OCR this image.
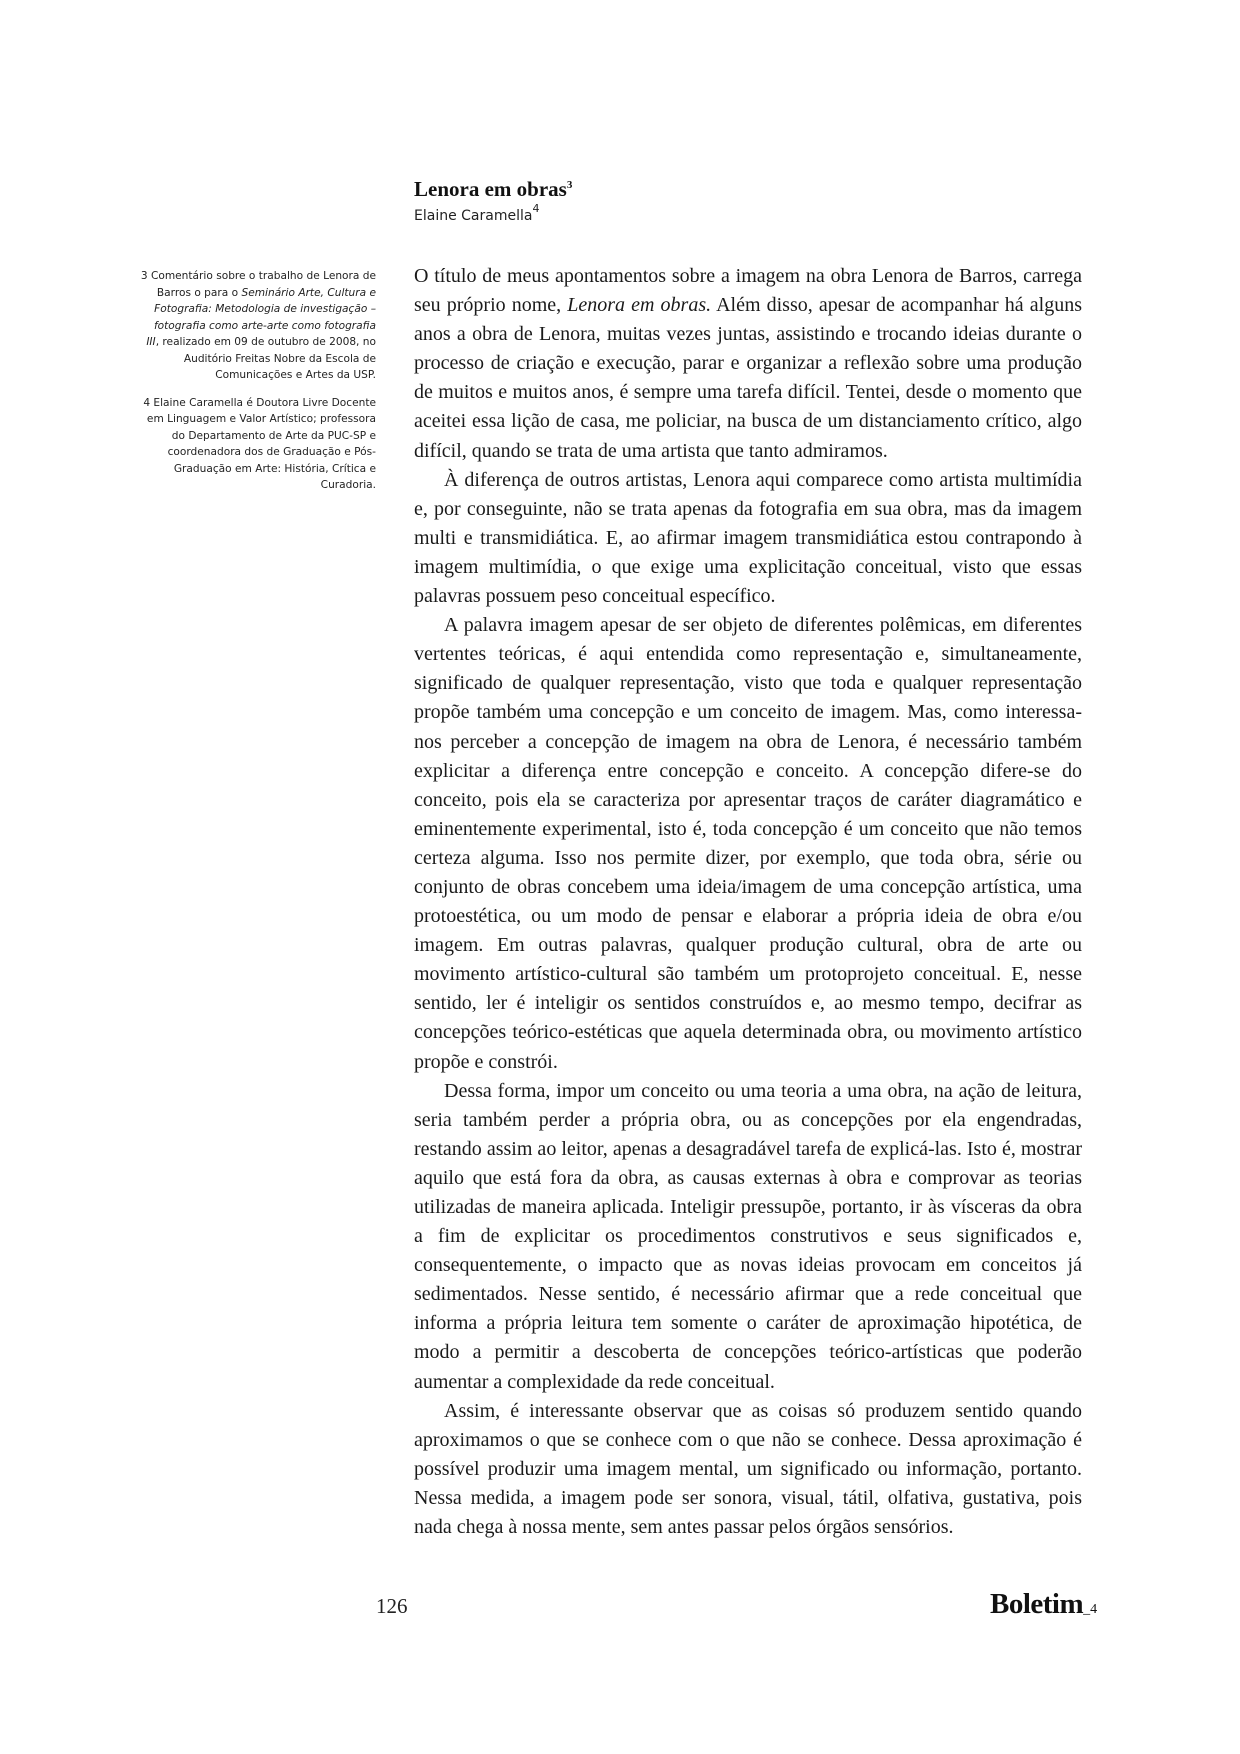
Lenora em obras$^3$
Elaine Caramella$^4$

3 Comentário sobre o trabalho de Lenora de Barros o para o Seminário Arte, Cultura e Fotografia: Metodologia de investigação – fotografia como arte-arte como fotografia III, realizado em 09 de outubro de 2008, no Auditório Freitas Nobre da Escola de Comunicações e Artes da USP.

4 Elaine Caramella é Doutora Livre Docente em Linguagem e Valor Artístico; professora do Departamento de Arte da PUC-SP e coordenadora dos de Graduação e Pós-Graduação em Arte: História, Crítica e Curadoria.

O título de meus apontamentos sobre a imagem na obra Lenora de Barros, carrega seu próprio nome, Lenora em obras. Além disso, apesar de acompanhar há alguns anos a obra de Lenora, muitas vezes juntas, assistindo e trocando ideias durante o processo de criação e execução, parar e organizar a reflexão sobre uma produção de muitos e muitos anos, é sempre uma tarefa difícil. Tentei, desde o momento que aceitei essa lição de casa, me policiar, na busca de um distanciamento crítico, algo difícil, quando se trata de uma artista que tanto admiramos.

À diferença de outros artistas, Lenora aqui comparece como artista multimídia e, por conseguinte, não se trata apenas da fotografia em sua obra, mas da imagem multi e transmidiática. E, ao afirmar imagem transmidiática estou contrapondo à imagem multimídia, o que exige uma explicitação conceitual, visto que essas palavras possuem peso conceitual específico.

A palavra imagem apesar de ser objeto de diferentes polêmicas, em diferentes vertentes teóricas, é aqui entendida como representação e, simultaneamente, significado de qualquer representação, visto que toda e qualquer representação propõe também uma concepção e um conceito de imagem. Mas, como interessa-nos perceber a concepção de imagem na obra de Lenora, é necessário também explicitar a diferença entre concepção e conceito. A concepção difere-se do conceito, pois ela se caracteriza por apresentar traços de caráter diagramático e eminentemente experimental, isto é, toda concepção é um conceito que não temos certeza alguma. Isso nos permite dizer, por exemplo, que toda obra, série ou conjunto de obras concebem uma ideia/imagem de uma concepção artística, uma protoestética, ou um modo de pensar e elaborar a própria ideia de obra e/ou imagem. Em outras palavras, qualquer produção cultural, obra de arte ou movimento artístico-cultural são também um protoprojeto conceitual. E, nesse sentido, ler é inteligir os sentidos construídos e, ao mesmo tempo, decifrar as concepções teórico-estéticas que aquela determinada obra, ou movimento artístico propõe e constrói.

Dessa forma, impor um conceito ou uma teoria a uma obra, na ação de leitura, seria também perder a própria obra, ou as concepções por ela engendradas, restando assim ao leitor, apenas a desagradável tarefa de explicá-las. Isto é, mostrar aquilo que está fora da obra, as causas externas à obra e comprovar as teorias utilizadas de maneira aplicada. Inteligir pressupõe, portanto, ir às vísceras da obra a fim de explicitar os procedimentos construtivos e seus significados e, consequentemente, o impacto que as novas ideias provocam em conceitos já sedimentados. Nesse sentido, é necessário afirmar que a rede conceitual que informa a própria leitura tem somente o caráter de aproximação hipotética, de modo a permitir a descoberta de concepções teórico-artísticas que poderão aumentar a complexidade da rede conceitual.

Assim, é interessante observar que as coisas só produzem sentido quando aproximamos o que se conhece com o que não se conhece. Dessa aproximação é possível produzir uma imagem mental, um significado ou informação, portanto. Nessa medida, a imagem pode ser sonora, visual, tátil, olfativa, gustativa, pois nada chega à nossa mente, sem antes passar pelos órgãos sensórios.

126	Boletim_4
